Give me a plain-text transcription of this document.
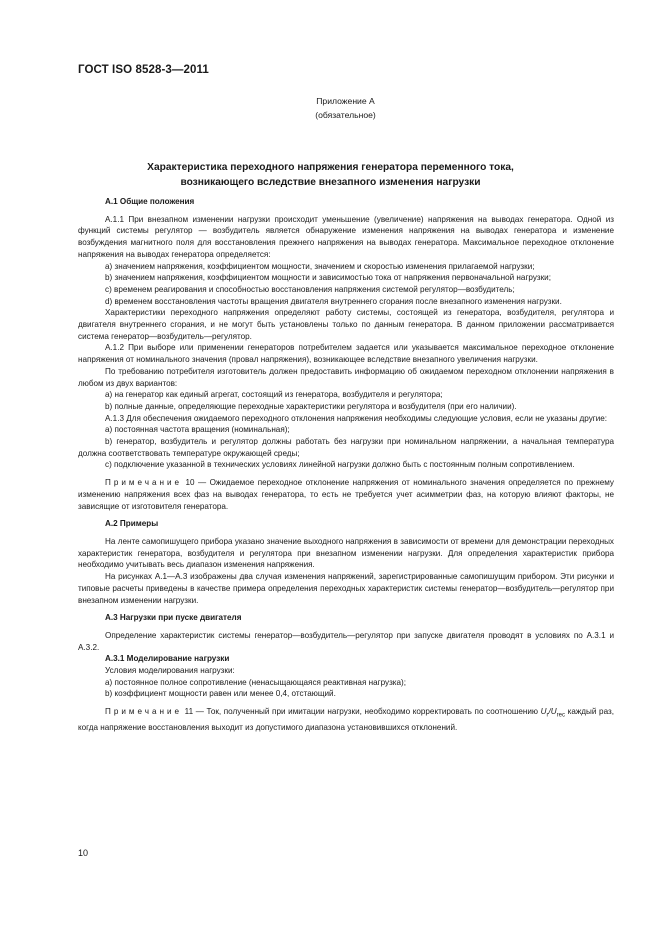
ГОСТ ISO 8528-3—2011
Приложение А
(обязательное)
Характеристика переходного напряжения генератора переменного тока,
возникающего вследствие внезапного изменения нагрузки

А.1 Общие положения

А.1.1 При внезапном изменении нагрузки происходит уменьшение (увеличение) напряжения на выводах генератора. Одной из функций системы регулятор — возбудитель является обнаружение изменения напряжения на выводах генератора и изменение возбуждения магнитного поля для восстановления прежнего напряжения на выводах генератора. Максимальное переходное отклонение напряжения на выводах генератора определяется:

а) значением напряжения, коэффициентом мощности, значением и скоростью изменения прилагаемой нагрузки;

b) значением напряжения, коэффициентом мощности и зависимостью тока от напряжения первоначальной нагрузки;

c) временем реагирования и способностью восстановления напряжения системой регулятор—возбудитель;

d) временем восстановления частоты вращения двигателя внутреннего сгорания после внезапного изменения нагрузки.

Характеристики переходного напряжения определяют работу системы, состоящей из генератора, возбудителя, регулятора и двигателя внутреннего сгорания, и не могут быть установлены только по данным генератора. В данном приложении рассматривается система генератор—возбудитель—регулятор.

А.1.2 При выборе или применении генераторов потребителем задается или указывается максимальное переходное отклонение напряжения от номинального значения (провал напряжения), возникающее вследствие внезапного увеличения нагрузки.

По требованию потребителя изготовитель должен предоставить информацию об ожидаемом переходном отклонении напряжения в любом из двух вариантов:

а) на генератор как единый агрегат, состоящий из генератора, возбудителя и регулятора;

b) полные данные, определяющие переходные характеристики регулятора и возбудителя (при его наличии).

А.1.3 Для обеспечения ожидаемого переходного отклонения напряжения необходимы следующие условия, если не указаны другие:

а) постоянная частота вращения (номинальная);

b) генератор, возбудитель и регулятор должны работать без нагрузки при номинальном напряжении, а начальная температура должна соответствовать температуре окружающей среды;

c) подключение указанной в технических условиях линейной нагрузки должно быть с постоянным полным сопротивлением.

Примечание 10 — Ожидаемое переходное отклонение напряжения от номинального значения определяется по прежнему изменению напряжения всех фаз на выводах генератора, то есть не требуется учет асимметрии фаз, на которую влияют факторы, не зависящие от изготовителя генератора.

А.2 Примеры

На ленте самопишущего прибора указано значение выходного напряжения в зависимости от времени для демонстрации переходных характеристик генератора, возбудителя и регулятора при внезапном изменении нагрузки. Для определения характеристик прибора необходимо учитывать весь диапазон изменения напряжения.

На рисунках А.1—А.3 изображены два случая изменения напряжений, зарегистрированные самопишущим прибором. Эти рисунки и типовые расчеты приведены в качестве примера определения переходных характеристик системы генератор—возбудитель—регулятор при внезапном изменении нагрузки.

А.3 Нагрузки при пуске двигателя

Определение характеристик системы генератор—возбудитель—регулятор при запуске двигателя проводят в условиях по А.3.1 и А.3.2.

А.3.1 Моделирование нагрузки

Условия моделирования нагрузки:

а) постоянное полное сопротивление (ненасыщающаяся реактивная нагрузка);

b) коэффициент мощности равен или менее 0,4, отстающий.

Примечание 11 — Ток, полученный при имитации нагрузки, необходимо корректировать по соотношению $U_r/U_{rec}$ каждый раз, когда напряжение восстановления выходит из допустимого диапазона установившихся отклонений.

10
